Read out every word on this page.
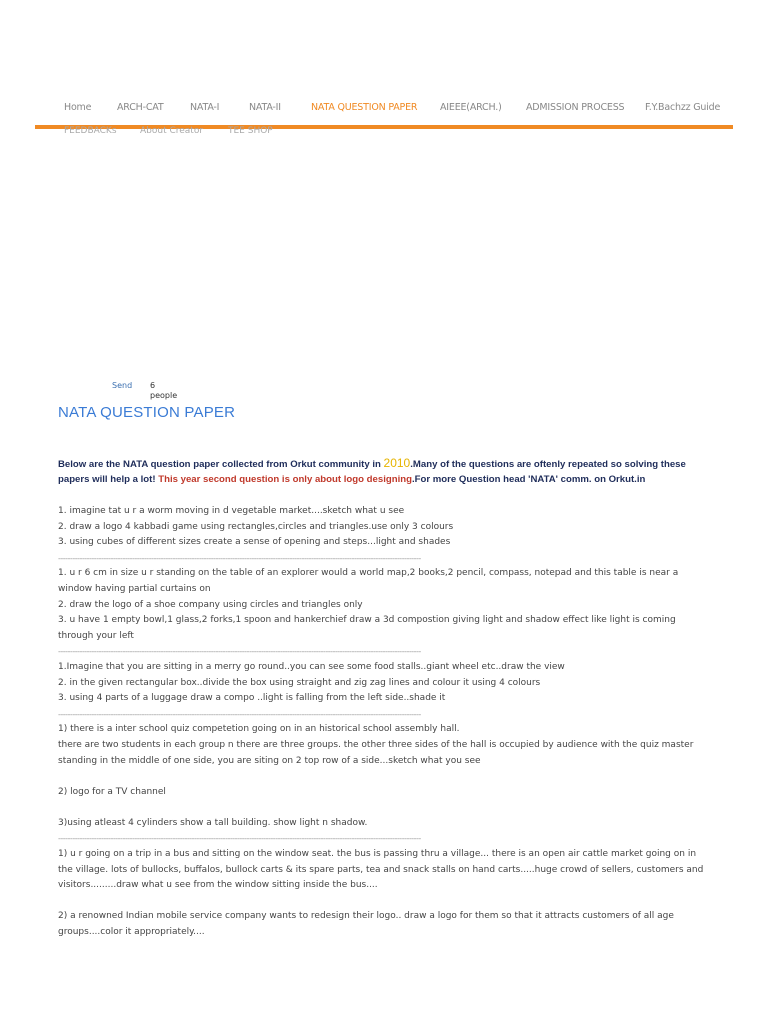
Home	ARCH-CAT	NATA-I	NATA-II	NATA QUESTION PAPER AIEEE(ARCH.)	ADMISSION PROCESS F.Y.Bachzz Guide
FEEDBACKs	About Creator	TEE SHOP
Send 6
people
NATA QUESTION PAPER
Below are the NATA question paper collected from Orkut community in 2010.Many of the questions are oftenly repeated so solving these papers will help a lot! This year second question is only about logo designing.For more Question head 'NATA' comm. on Orkut.in

1. imagine tat u r a worm moving in d vegetable market....sketch what u see

2. draw a logo 4 kabbadi game using rectangles,circles and triangles.use only 3 colours

3. using cubes of different sizes create a sense of opening and steps...light and shades

--------------------------------------------------------------------------------------------------------------------------------------------------------

1. u r 6 cm in size u r standing on the table of an explorer would a world map,2 books,2 pencil, compass, notepad and this table is near a window having partial curtains on

2. draw the logo of a shoe company using circles and triangles only

3. u have 1 empty bowl,1 glass,2 forks,1 spoon and hankerchief draw a 3d compostion giving light and shadow effect like light is coming through your left

--------------------------------------------------------------------------------------------------------------------------------------------------------

1.Imagine that you are sitting in a merry go round..you can see some food stalls..giant wheel etc..draw the view

2. in the given rectangular box..divide the box using straight and zig zag lines and colour it using 4 colours

3. using 4 parts of a luggage draw a compo ..light is falling from the left side..shade it

--------------------------------------------------------------------------------------------------------------------------------------------------------

1) there is a inter school quiz competetion going on in an historical school assembly hall.

there are two students in each group n there are three groups. the other three sides of the hall is occupied by audience with the quiz master standing in the middle of one side, you are siting on 2 top row of a side...sketch what you see

2) logo for a TV channel

3)using atleast 4 cylinders show a tall building. show light n shadow.

--------------------------------------------------------------------------------------------------------------------------------------------------------

1) u r going on a trip in a bus and sitting on the window seat. the bus is passing thru a village... there is an open air cattle market going on in the village. lots of bullocks, buffalos, bullock carts & its spare parts, tea and snack stalls on hand carts.....huge crowd of sellers, customers and visitors.........draw what u see from the window sitting inside the bus....

2) a renowned Indian mobile service company wants to redesign their logo.. draw a logo for them so that it attracts customers of all age groups....color it appropriately....
